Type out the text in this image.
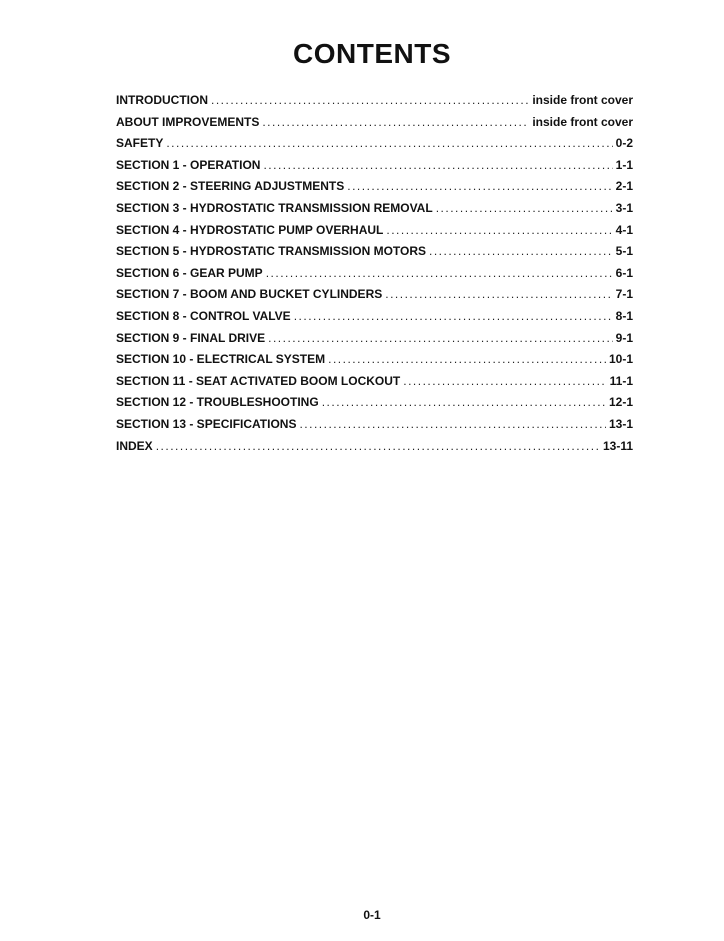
CONTENTS
INTRODUCTION .....	inside front cover
ABOUT IMPROVEMENTS .....	inside front cover
SAFETY .....	0-2
SECTION 1 - OPERATION .....	1-1
SECTION 2 - STEERING ADJUSTMENTS .....	2-1
SECTION 3 - HYDROSTATIC TRANSMISSION REMOVAL .....	3-1
SECTION 4 - HYDROSTATIC PUMP OVERHAUL .....	4-1
SECTION 5 - HYDROSTATIC TRANSMISSION MOTORS .....	5-1
SECTION 6 - GEAR PUMP .....	6-1
SECTION 7 - BOOM AND BUCKET CYLINDERS .....	7-1
SECTION 8 - CONTROL VALVE .....	8-1
SECTION 9 - FINAL DRIVE .....	9-1
SECTION 10 - ELECTRICAL SYSTEM .....	10-1
SECTION 11 - SEAT ACTIVATED BOOM LOCKOUT .....	11-1
SECTION 12 - TROUBLESHOOTING .....	12-1
SECTION 13 - SPECIFICATIONS .....	13-1
INDEX .....	13-11
0-1
